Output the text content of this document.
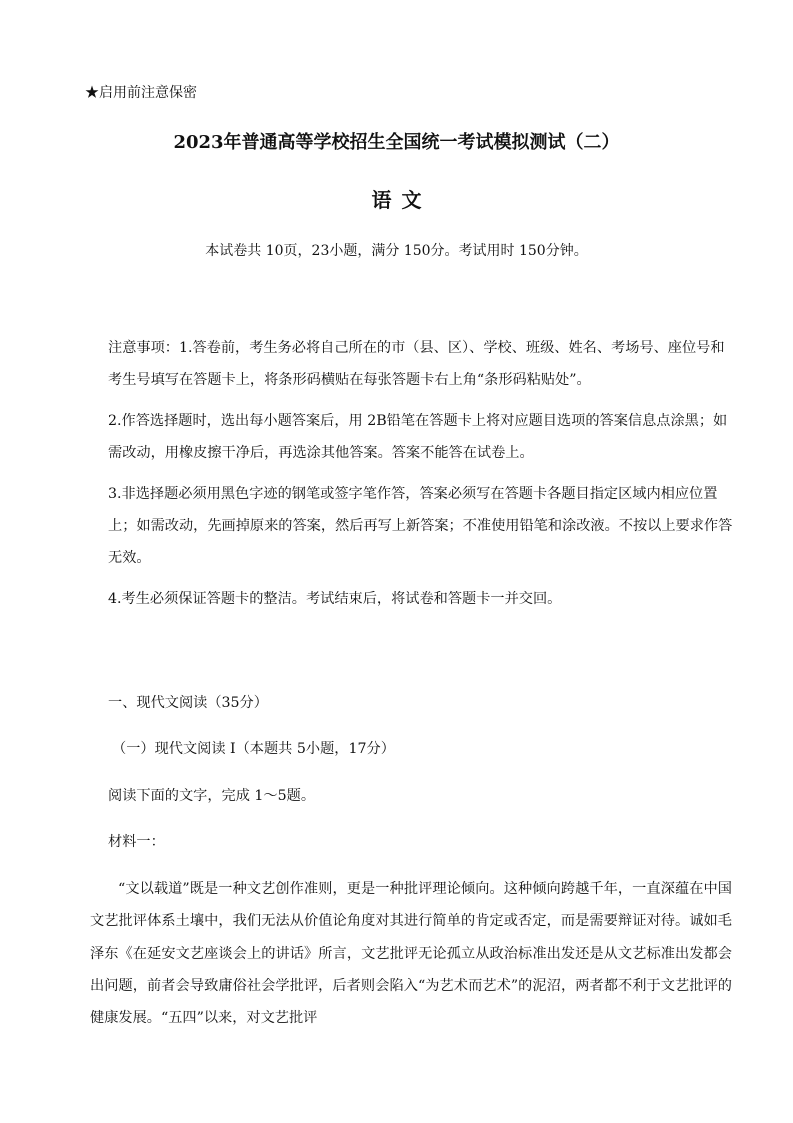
★启用前注意保密
2023年普通高等学校招生全国统一考试模拟测试（二）
语文
本试卷共 10页，23小题，满分 150分。考试用时 150分钟。

注意事项：1.答卷前，考生务必将自己所在的市（县、区）、学校、班级、姓名、考场号、座位号和考生号填写在答题卡上，将条形码横贴在每张答题卡右上角“条形码粘贴处”。

2.作答选择题时，选出每小题答案后，用 2B铅笔在答题卡上将对应题目选项的答案信息点涂黑；如需改动，用橡皮擦干净后，再选涂其他答案。答案不能答在试卷上。

3.非选择题必须用黑色字迹的钢笔或签字笔作答，答案必须写在答题卡各题目指定区域内相应位置上；如需改动，先画掉原来的答案，然后再写上新答案；不准使用铅笔和涂改液。不按以上要求作答无效。

4.考生必须保证答题卡的整洁。考试结束后，将试卷和答题卡一并交回。

一、现代文阅读（35分）
（一）现代文阅读 I（本题共 5小题，17分）
阅读下面的文字，完成 1～5题。
材料一：

“文以载道”既是一种文艺创作准则，更是一种批评理论倾向。这种倾向跨越千年，一直深蕴在中国文艺批评体系土壤中，我们无法从价值论角度对其进行简单的肯定或否定，而是需要辩证对待。诚如毛泽东《在延安文艺座谈会上的讲话》所言，文艺批评无论孤立从政治标准出发还是从文艺标准出发都会出问题，前者会导致庸俗社会学批评，后者则会陷入“为艺术而艺术”的泥沼，两者都不利于文艺批评的健康发展。“五四”以来，对文艺批评
